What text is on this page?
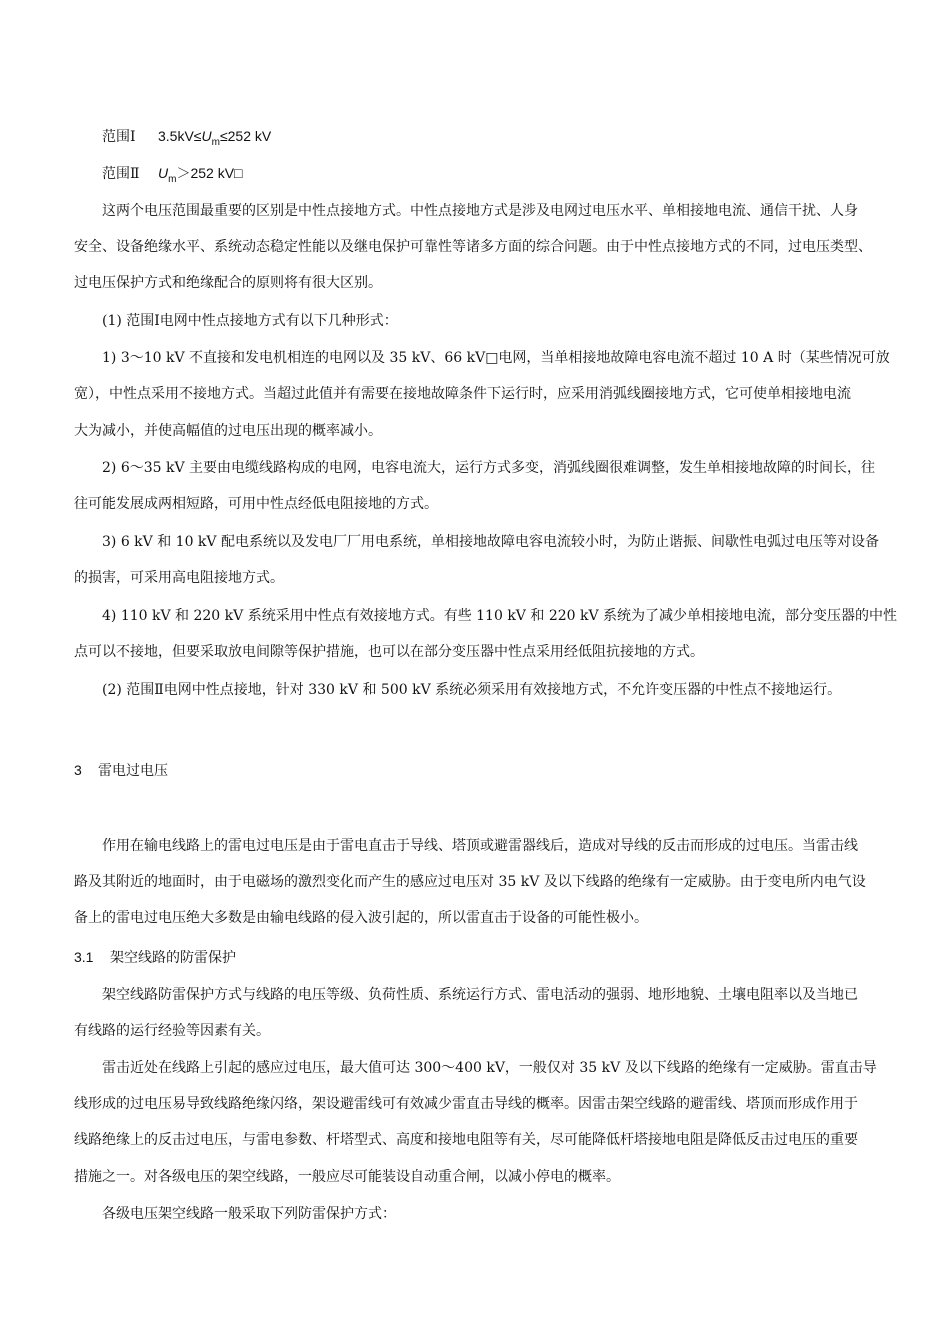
范围Ⅰ $3.5kV\le U_m\le 252$ kV
范围Ⅱ $U_m>252$ kV□
这两个电压范围最重要的区别是中性点接地方式。中性点接地方式是涉及电网过电压水平、单相接地电流、通信干扰、人身
安全、设备绝缘水平、系统动态稳定性能以及继电保护可靠性等诸多方面的综合问题。由于中性点接地方式的不同，过电压类型、
过电压保护方式和绝缘配合的原则将有很大区别。
(1) 范围Ⅰ电网中性点接地方式有以下几种形式：
1) 3～10 kV 不直接和发电机相连的电网以及 35 kV、66 kV□电网，当单相接地故障电容电流不超过 10 A 时（某些情况可放
宽），中性点采用不接地方式。当超过此值并有需要在接地故障条件下运行时，应采用消弧线圈接地方式，它可使单相接地电流
大为减小，并使高幅值的过电压出现的概率减小。
2) 6～35 kV 主要由电缆线路构成的电网，电容电流大，运行方式多变，消弧线圈很难调整，发生单相接地故障的时间长，往
往可能发展成两相短路，可用中性点经低电阻接地的方式。
3) 6 kV 和 10 kV 配电系统以及发电厂厂用电系统，单相接地故障电容电流较小时，为防止谐振、间歇性电弧过电压等对设备
的损害，可采用高电阻接地方式。
4) 110 kV 和 220 kV 系统采用中性点有效接地方式。有些 110 kV 和 220 kV 系统为了减少单相接地电流，部分变压器的中性
点可以不接地，但要采取放电间隙等保护措施，也可以在部分变压器中性点采用经低阻抗接地的方式。
(2) 范围Ⅱ电网中性点接地，针对 330 kV 和 500 kV 系统必须采用有效接地方式，不允许变压器的中性点不接地运行。
3 雷电过电压
作用在输电线路上的雷电过电压是由于雷电直击于导线、塔顶或避雷器线后，造成对导线的反击而形成的过电压。当雷击线
路及其附近的地面时，由于电磁场的激烈变化而产生的感应过电压对 35 kV 及以下线路的绝缘有一定威胁。由于变电所内电气设
备上的雷电过电压绝大多数是由输电线路的侵入波引起的，所以雷直击于设备的可能性极小。
3.1 架空线路的防雷保护
架空线路防雷保护方式与线路的电压等级、负荷性质、系统运行方式、雷电活动的强弱、地形地貌、土壤电阻率以及当地已
有线路的运行经验等因素有关。
雷击近处在线路上引起的感应过电压，最大值可达 300～400 kV，一般仅对 35 kV 及以下线路的绝缘有一定威胁。雷直击导
线形成的过电压易导致线路绝缘闪络，架设避雷线可有效减少雷直击导线的概率。因雷击架空线路的避雷线、塔顶而形成作用于
线路绝缘上的反击过电压，与雷电参数、杆塔型式、高度和接地电阻等有关，尽可能降低杆塔接地电阻是降低反击过电压的重要
措施之一。对各级电压的架空线路，一般应尽可能装设自动重合闸，以减小停电的概率。
各级电压架空线路一般采取下列防雷保护方式：
